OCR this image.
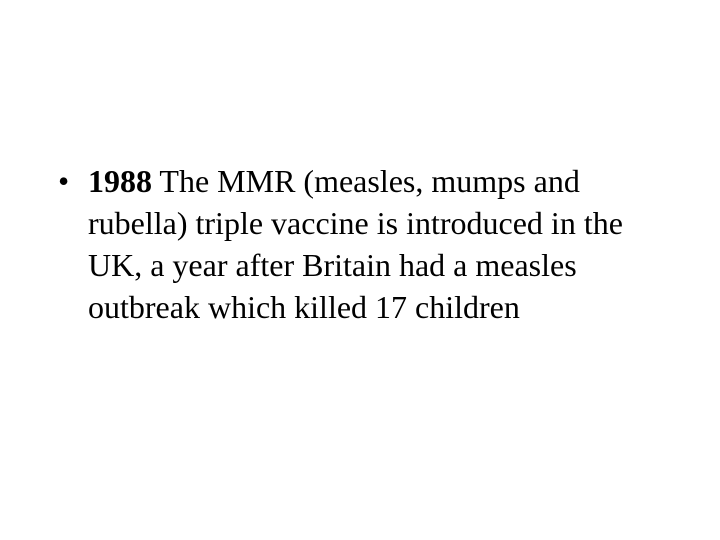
• 1988 The MMR (measles, mumps and rubella) triple vaccine is introduced in the UK, a year after Britain had a measles outbreak which killed 17 children
